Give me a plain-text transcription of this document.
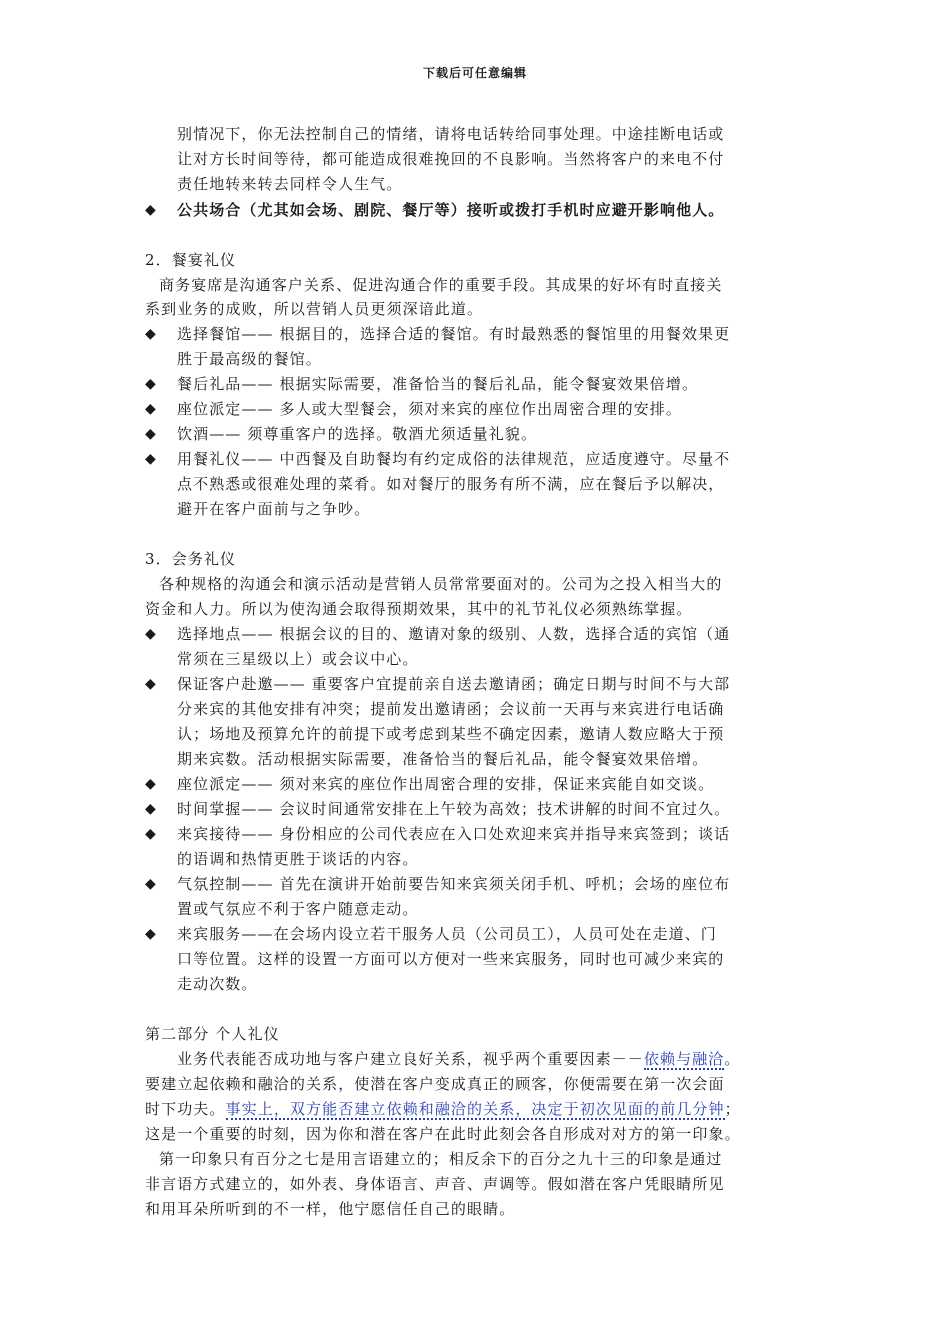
下载后可任意编辑
别情况下，你无法控制自己的情绪，请将电话转给同事处理。中途挂断电话或
让对方长时间等待，都可能造成很难挽回的不良影响。当然将客户的来电不付
责任地转来转去同样令人生气。
◆ 公共场合（尤其如会场、剧院、餐厅等）接听或拨打手机时应避开影响他人。
2．餐宴礼仪
商务宴席是沟通客户关系、促进沟通合作的重要手段。其成果的好坏有时直接关
系到业务的成败，所以营销人员更须深谙此道。
◆ 选择餐馆—— 根据目的，选择合适的餐馆。有时最熟悉的餐馆里的用餐效果更
胜于最高级的餐馆。
◆ 餐后礼品—— 根据实际需要，准备恰当的餐后礼品，能令餐宴效果倍增。
◆ 座位派定—— 多人或大型餐会，须对来宾的座位作出周密合理的安排。
◆ 饮酒—— 须尊重客户的选择。敬酒尤须适量礼貌。
◆ 用餐礼仪—— 中西餐及自助餐均有约定成俗的法律规范，应适度遵守。尽量不
点不熟悉或很难处理的菜肴。如对餐厅的服务有所不满，应在餐后予以解决，
避开在客户面前与之争吵。
3．会务礼仪
各种规格的沟通会和演示活动是营销人员常常要面对的。公司为之投入相当大的
资金和人力。所以为使沟通会取得预期效果，其中的礼节礼仪必须熟练掌握。
◆ 选择地点—— 根据会议的目的、邀请对象的级别、人数，选择合适的宾馆（通
常须在三星级以上）或会议中心。
◆ 保证客户赴邀—— 重要客户宜提前亲自送去邀请函；确定日期与时间不与大部
分来宾的其他安排有冲突；提前发出邀请函；会议前一天再与来宾进行电话确
认；场地及预算允许的前提下或考虑到某些不确定因素，邀请人数应略大于预
期来宾数。活动根据实际需要，准备恰当的餐后礼品，能令餐宴效果倍增。
◆ 座位派定—— 须对来宾的座位作出周密合理的安排，保证来宾能自如交谈。
◆ 时间掌握—— 会议时间通常安排在上午较为高效；技术讲解的时间不宜过久。
◆ 来宾接待—— 身份相应的公司代表应在入口处欢迎来宾并指导来宾签到；谈话
的语调和热情更胜于谈话的内容。
◆ 气氛控制—— 首先在演讲开始前要告知来宾须关闭手机、呼机；会场的座位布
置或气氛应不利于客户随意走动。
◆ 来宾服务——在会场内设立若干服务人员（公司员工），人员可处在走道、门
口等位置。这样的设置一方面可以方便对一些来宾服务，同时也可减少来宾的
走动次数。
第二部分 个人礼仪
业务代表能否成功地与客户建立良好关系，视乎两个重要因素－－依赖与融洽。
要建立起依赖和融洽的关系，使潜在客户变成真正的顾客，你便需要在第一次会面
时下功夫。事实上，双方能否建立依赖和融洽的关系，决定于初次见面的前几分钟；
这是一个重要的时刻，因为你和潜在客户在此时此刻会各自形成对对方的第一印象。
第一印象只有百分之七是用言语建立的；相反余下的百分之九十三的印象是通过
非言语方式建立的，如外表、身体语言、声音、声调等。假如潜在客户凭眼睛所见
和用耳朵所听到的不一样，他宁愿信任自己的眼睛。
